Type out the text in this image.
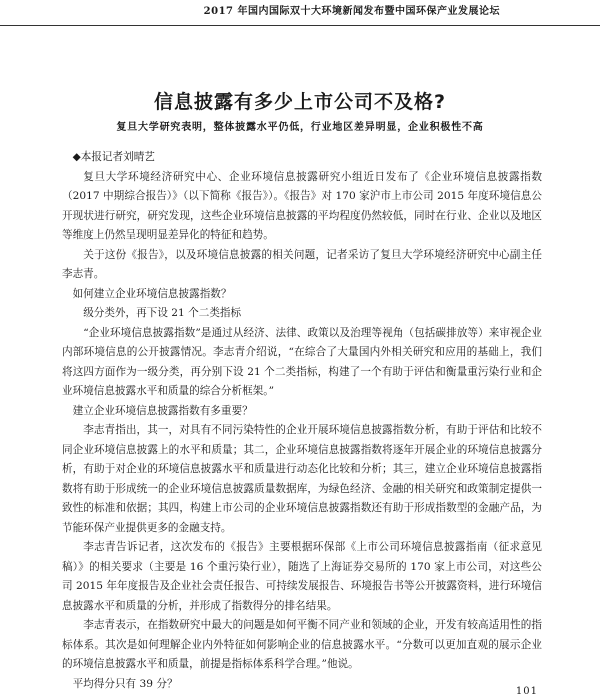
2017 年国内国际双十大环境新闻发布暨中国环保产业发展论坛
信息披露有多少上市公司不及格?
复旦大学研究表明，整体披露水平仍低，行业地区差异明显，企业积极性不高

◆本报记者刘晴艺

复旦大学环境经济研究中心、企业环境信息披露研究小组近日发布了《企业环境信息披露指数（2017 中期综合报告）》（以下简称《报告》）。《报告》对 170 家沪市上市公司 2015 年度环境信息公开现状进行研究，研究发现，这些企业环境信息披露的平均程度仍然较低，同时在行业、企业以及地区等维度上仍然呈现明显差异化的特征和趋势。

关于这份《报告》，以及环境信息披露的相关问题，记者采访了复旦大学环境经济研究中心副主任李志青。

如何建立企业环境信息披露指数？

级分类外，再下设 21 个二类指标

“企业环境信息披露指数”是通过从经济、法律、政策以及治理等视角（包括碳排放等）来审视企业内部环境信息的公开披露情况。李志青介绍说，“在综合了大量国内外相关研究和应用的基础上，我们将这四方面作为一级分类，再分别下设 21 个二类指标，构建了一个有助于评估和衡量重污染行业和企业环境信息披露水平和质量的综合分析框架。”

建立企业环境信息披露指数有多重要？

李志青指出，其一，对具有不同污染特性的企业开展环境信息披露指数分析，有助于评估和比较不同企业环境信息披露上的水平和质量；其二，企业环境信息披露指数将逐年开展企业的环境信息披露分析，有助于对企业的环境信息披露水平和质量进行动态化比较和分析；其三，建立企业环境信息披露指数将有助于形成统一的企业环境信息披露质量数据库，为绿色经济、金融的相关研究和政策制定提供一致性的标准和依据；其四，构建上市公司的企业环境信息披露指数还有助于形成指数型的金融产品，为节能环保产业提供更多的金融支持。

李志青告诉记者，这次发布的《报告》主要根据环保部《上市公司环境信息披露指南（征求意见稿）》的相关要求（主要是 16 个重污染行业），随选了上海证券交易所的 170 家上市公司，对这些公司 2015 年年度报告及企业社会责任报告、可持续发展报告、环境报告书等公开披露资料，进行环境信息披露水平和质量的分析，并形成了指数得分的排名结果。

李志青表示，在指数研究中最大的问题是如何平衡不同产业和领域的企业，开发有较高适用性的指标体系。其次是如何理解企业内外特征如何影响企业的信息披露水平。“分数可以更加直观的展示企业的环境信息披露水平和质量，前提是指标体系科学合理。”他说。

平均得分只有 39 分？

101
